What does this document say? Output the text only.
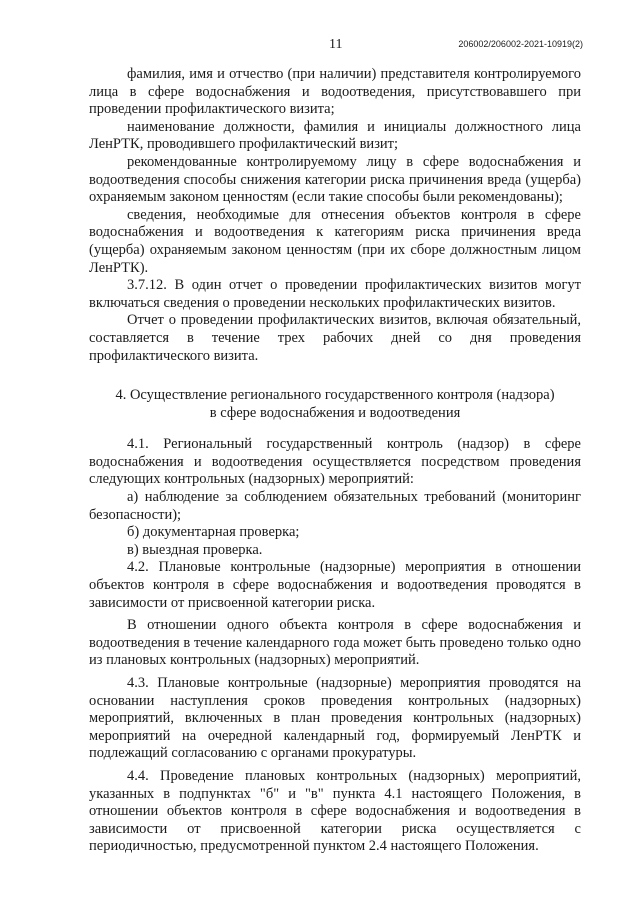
11	206002/206002-2021-10919(2)

фамилия, имя и отчество (при наличии) представителя контролируемого лица в сфере водоснабжения и водоотведения, присутствовавшего при проведении профилактического визита;

наименование должности, фамилия и инициалы должностного лица ЛенРТК, проводившего профилактический визит;

рекомендованные контролируемому лицу в сфере водоснабжения и водоотведения способы снижения категории риска причинения вреда (ущерба) охраняемым законом ценностям (если такие способы были рекомендованы);

сведения, необходимые для отнесения объектов контроля в сфере водоснабжения и водоотведения к категориям риска причинения вреда (ущерба) охраняемым законом ценностям (при их сборе должностным лицом ЛенРТК).

3.7.12. В один отчет о проведении профилактических визитов могут включаться сведения о проведении нескольких профилактических визитов.

Отчет о проведении профилактических визитов, включая обязательный, составляется в течение трех рабочих дней со дня проведения профилактического визита.

4. Осуществление регионального государственного контроля (надзора)
в сфере водоснабжения и водоотведения

4.1. Региональный государственный контроль (надзор) в сфере водоснабжения и водоотведения осуществляется посредством проведения следующих контрольных (надзорных) мероприятий:

а) наблюдение за соблюдением обязательных требований (мониторинг безопасности);

б) документарная проверка;

в) выездная проверка.

4.2. Плановые контрольные (надзорные) мероприятия в отношении объектов контроля в сфере водоснабжения и водоотведения проводятся в зависимости от присвоенной категории риска.

В отношении одного объекта контроля в сфере водоснабжения и водоотведения в течение календарного года может быть проведено только одно из плановых контрольных (надзорных) мероприятий.

4.3. Плановые контрольные (надзорные) мероприятия проводятся на основании наступления сроков проведения контрольных (надзорных) мероприятий, включенных в план проведения контрольных (надзорных) мероприятий на очередной календарный год, формируемый ЛенРТК и подлежащий согласованию с органами прокуратуры.

4.4. Проведение плановых контрольных (надзорных) мероприятий, указанных в подпунктах "б" и "в" пункта 4.1 настоящего Положения, в отношении объектов контроля в сфере водоснабжения и водоотведения в зависимости от присвоенной категории риска осуществляется с периодичностью, предусмотренной пунктом 2.4 настоящего Положения.
